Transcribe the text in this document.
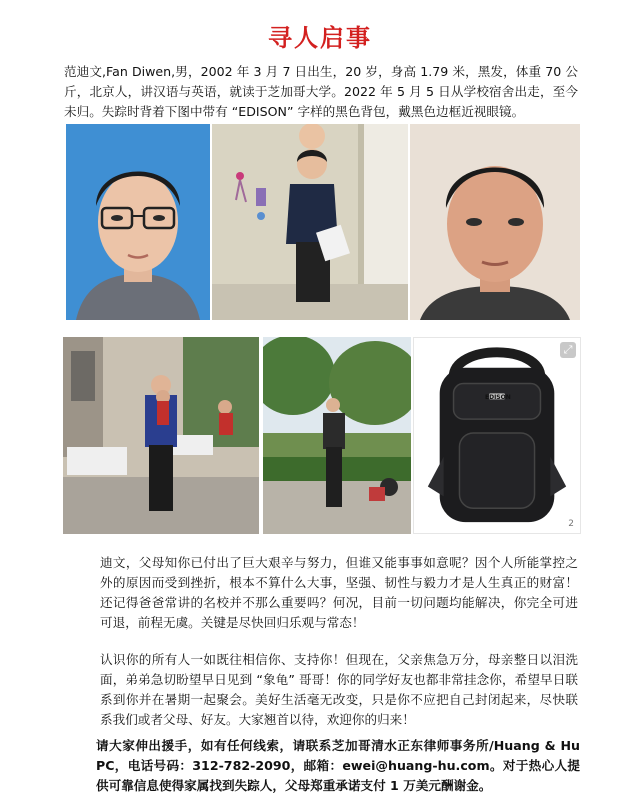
寻人启事

范迪文,Fan Diwen,男，2002 年 3 月 7 日出生，20 岁，身高 1.79 米，黑发，体重 70 公斤，北京人，讲汉语与英语，就读于芝加哥大学。2022 年 5 月 5 日从学校宿舍出走，至今未归。失踪时背着下图中带有 “EDISON” 字样的黑色背包，戴黑色边框近视眼镜。

⤢
2
EDISON

迪文，父母知你已付出了巨大艰辛与努力，但谁又能事事如意呢？因个人所能掌控之外的原因而受到挫折，根本不算什么大事，坚强、韧性与毅力才是人生真正的财富！还记得爸爸常讲的名校并不那么重要吗？何况，目前一切问题均能解决，你完全可进可退，前程无虞。关键是尽快回归乐观与常态！

认识你的所有人一如既往相信你、支持你！但现在，父亲焦急万分，母亲整日以泪洗面，弟弟急切盼望早日见到 “象龟” 哥哥！你的同学好友也都非常挂念你，希望早日联系到你并在暑期一起聚会。美好生活毫无改变，只是你不应把自己封闭起来，尽快联系我们或者父母、好友。大家翘首以待，欢迎你的归来！

请大家伸出援手，如有任何线索，请联系芝加哥清水正东律师事务所/Huang & Hu PC，电话号码：312-782-2090，邮箱：ewei@huang-hu.com。对于热心人提供可靠信息使得家属找到失踪人，父母郑重承诺支付 1 万美元酬谢金。
